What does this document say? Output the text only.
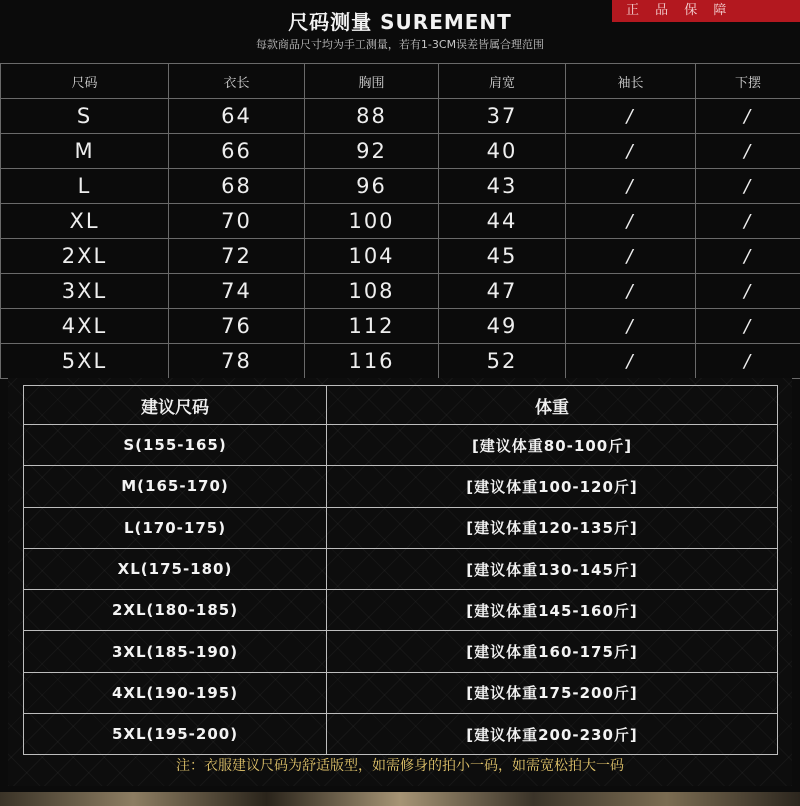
正 品 保 障
尺码测量 SUREMENT
每款商品尺寸均为手工测量，若有1-3CM误差皆属合理范围
尺码	衣长	胸围	肩宽	袖长	下摆
S	64	88	37	/	/
M	66	92	40	/	/
L	68	96	43	/	/
XL	70	100	44	/	/
2XL	72	104	45	/	/
3XL	74	108	47	/	/
4XL	76	112	49	/	/
5XL	78	116	52	/	/
建议尺码	体重
S(155-165)	[建议体重80-100斤]
M(165-170)	[建议体重100-120斤]
L(170-175)	[建议体重120-135斤]
XL(175-180)	[建议体重130-145斤]
2XL(180-185)	[建议体重145-160斤]
3XL(185-190)	[建议体重160-175斤]
4XL(190-195)	[建议体重175-200斤]
5XL(195-200)	[建议体重200-230斤]
注：衣服建议尺码为舒适版型，如需修身的拍小一码，如需宽松拍大一码
